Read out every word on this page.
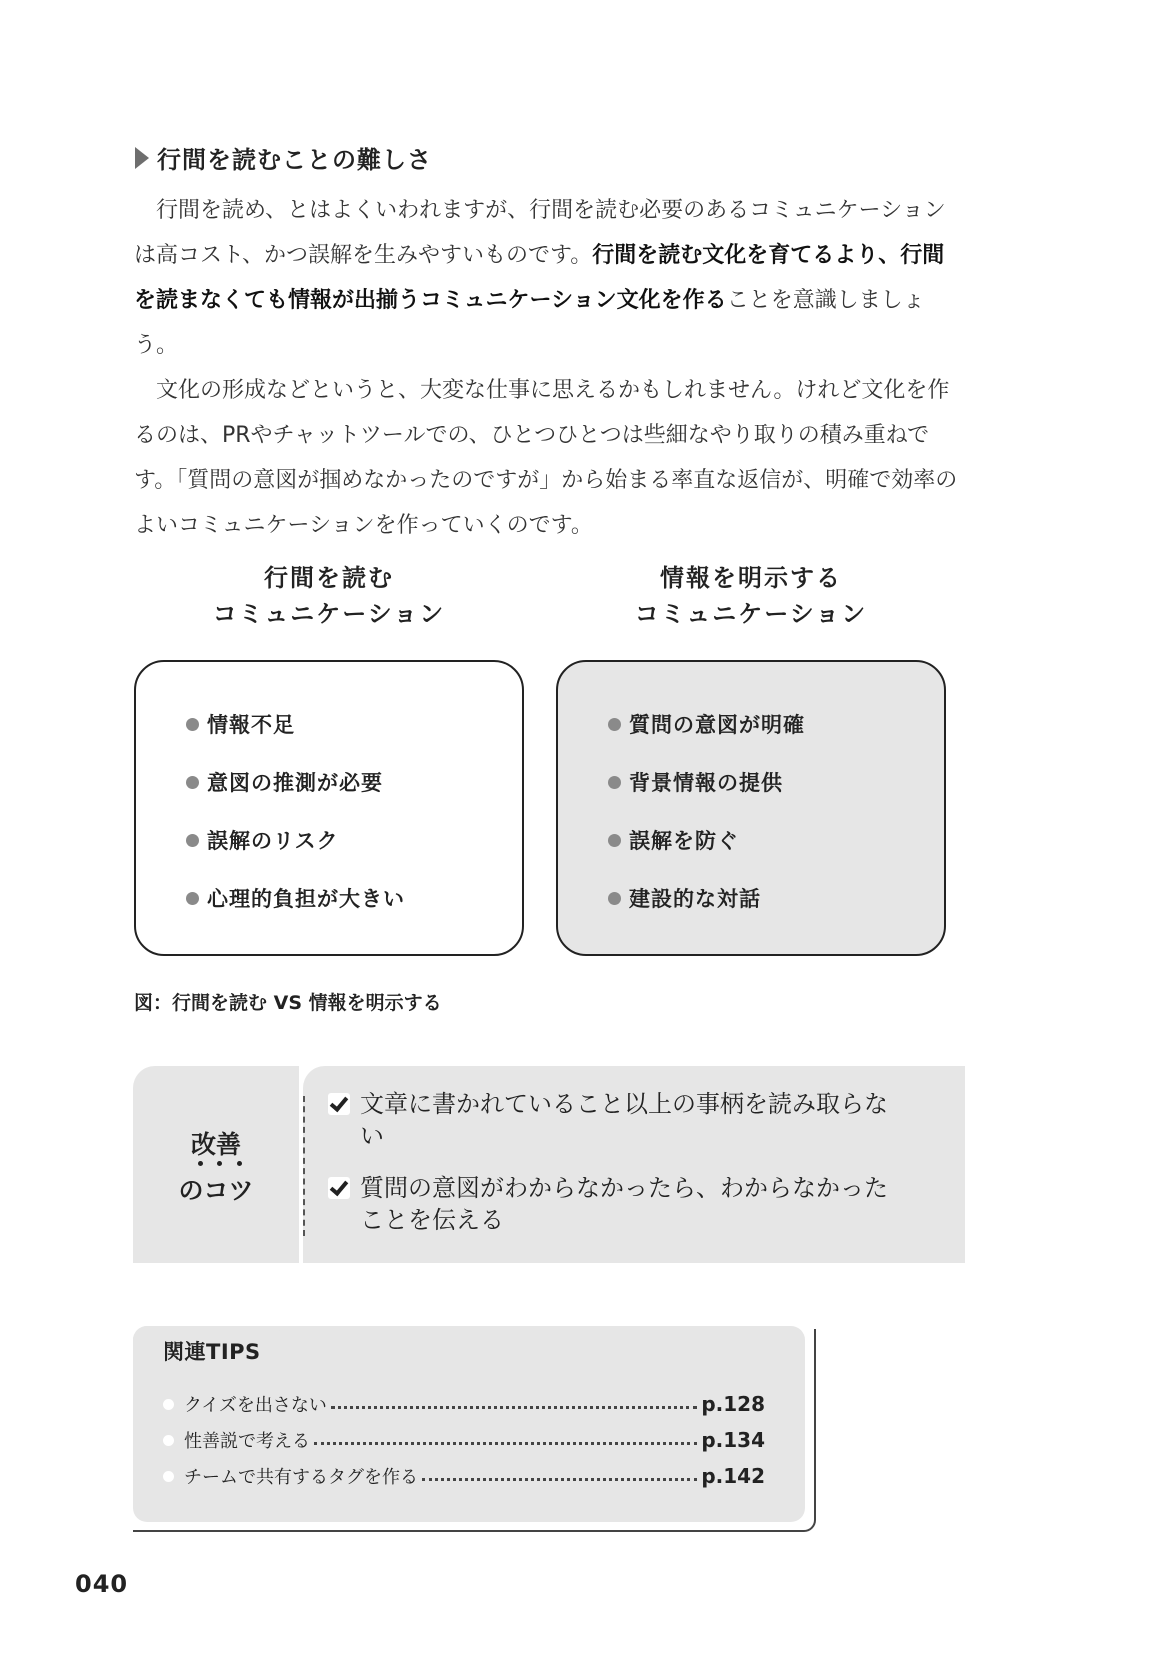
行間を読むことの難しさ

行間を読め、とはよくいわれますが、行間を読む必要のあるコミュニケーションは高コスト、かつ誤解を生みやすいものです。行間を読む文化を育てるより、行間を読まなくても情報が出揃うコミュニケーション文化を作ることを意識しましょう。

文化の形成などというと、大変な仕事に思えるかもしれません。けれど文化を作るのは、PRやチャットツールでの、ひとつひとつは些細なやり取りの積み重ねです。「質問の意図が掴めなかったのですが」から始まる率直な返信が、明確で効率のよいコミュニケーションを作っていくのです。

行間を読む
コミュニケーション
情報不足
意図の推測が必要
誤解のリスク
心理的負担が大きい
情報を明示する
コミュニケーション
質問の意図が明確
背景情報の提供
誤解を防ぐ
建設的な対話
図：行間を読む VS 情報を明示する
改善
のコツ
文章に書かれていること以上の事柄を読み取らな
い
質問の意図がわからなかったら、わからなかった
ことを伝える
関連TIPS
クイズを出さない	p.128
性善説で考える	p.134
チームで共有するタグを作る	p.142
040
